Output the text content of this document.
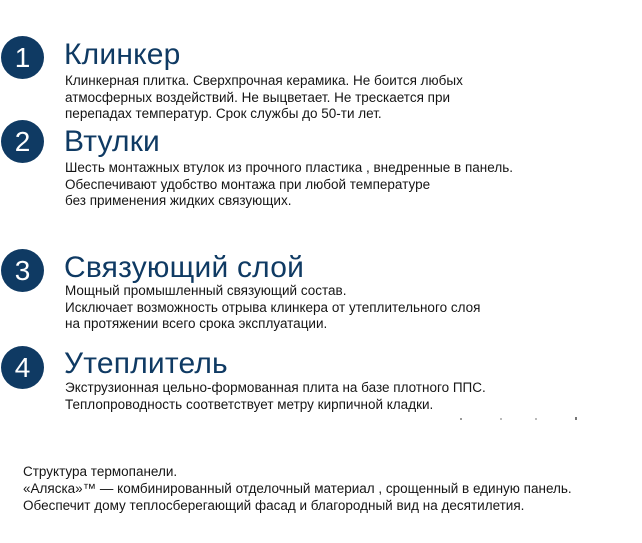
1	Клинкер

Клинкерная плитка. Сверхпрочная керамика. Не боится любых
атмосферных воздействий. Не выцветает. Не трескается при
перепадах температур. Срок службы до 50-ти лет.

2	Втулки

Шесть монтажных втулок из прочного пластика , внедренные в панель.
Обеспечивают удобство монтажа при любой температуре
без применения жидких связующих.

3	Связующий слой

Мощный промышленный связующий состав.
Исключает возможность отрыва клинкера от утеплительного слоя
на протяжении всего срока эксплуатации.

4	Утеплитель

Экструзионная цельно-формованная плита на базе плотного ППС.
Теплопроводность соответствует метру кирпичной кладки.

Структура термопанели.
«Аляска»™ — комбинированный отделочный материал , срощенный в единую панель.
Обеспечит дому теплосберегающий фасад и благородный вид на десятилетия.
